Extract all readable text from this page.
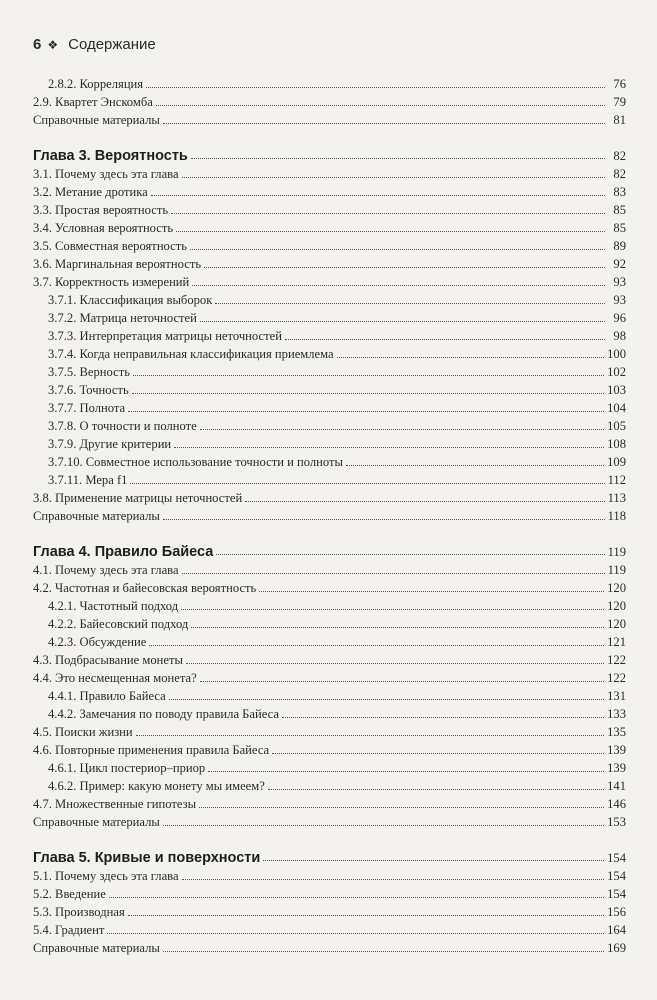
6 ❖ Содержание
2.8.2. Корреляция	76
2.9. Квартет Энскомба	79
Справочные материалы	81
Глава 3. Вероятность	82
3.1. Почему здесь эта глава	82
3.2. Метание дротика	83
3.3. Простая вероятность	85
3.4. Условная вероятность	85
3.5. Совместная вероятность	89
3.6. Маргинальная вероятность	92
3.7. Корректность измерений	93
3.7.1. Классификация выборок	93
3.7.2. Матрица неточностей	96
3.7.3. Интерпретация матрицы неточностей	98
3.7.4. Когда неправильная классификация приемлема	100
3.7.5. Верность	102
3.7.6. Точность	103
3.7.7. Полнота	104
3.7.8. О точности и полноте	105
3.7.9. Другие критерии	108
3.7.10. Совместное использование точности и полноты	109
3.7.11. Мера f1	112
3.8. Применение матрицы неточностей	113
Справочные материалы	118
Глава 4. Правило Байеса	119
4.1. Почему здесь эта глава	119
4.2. Частотная и байесовская вероятность	120
4.2.1. Частотный подход	120
4.2.2. Байесовский подход	120
4.2.3. Обсуждение	121
4.3. Подбрасывание монеты	122
4.4. Это несмещенная монета?	122
4.4.1. Правило Байеса	131
4.4.2. Замечания по поводу правила Байеса	133
4.5. Поиски жизни	135
4.6. Повторные применения правила Байеса	139
4.6.1. Цикл постериор–приор	139
4.6.2. Пример: какую монету мы имеем?	141
4.7. Множественные гипотезы	146
Справочные материалы	153
Глава 5. Кривые и поверхности	154
5.1. Почему здесь эта глава	154
5.2. Введение	154
5.3. Производная	156
5.4. Градиент	164
Справочные материалы	169
